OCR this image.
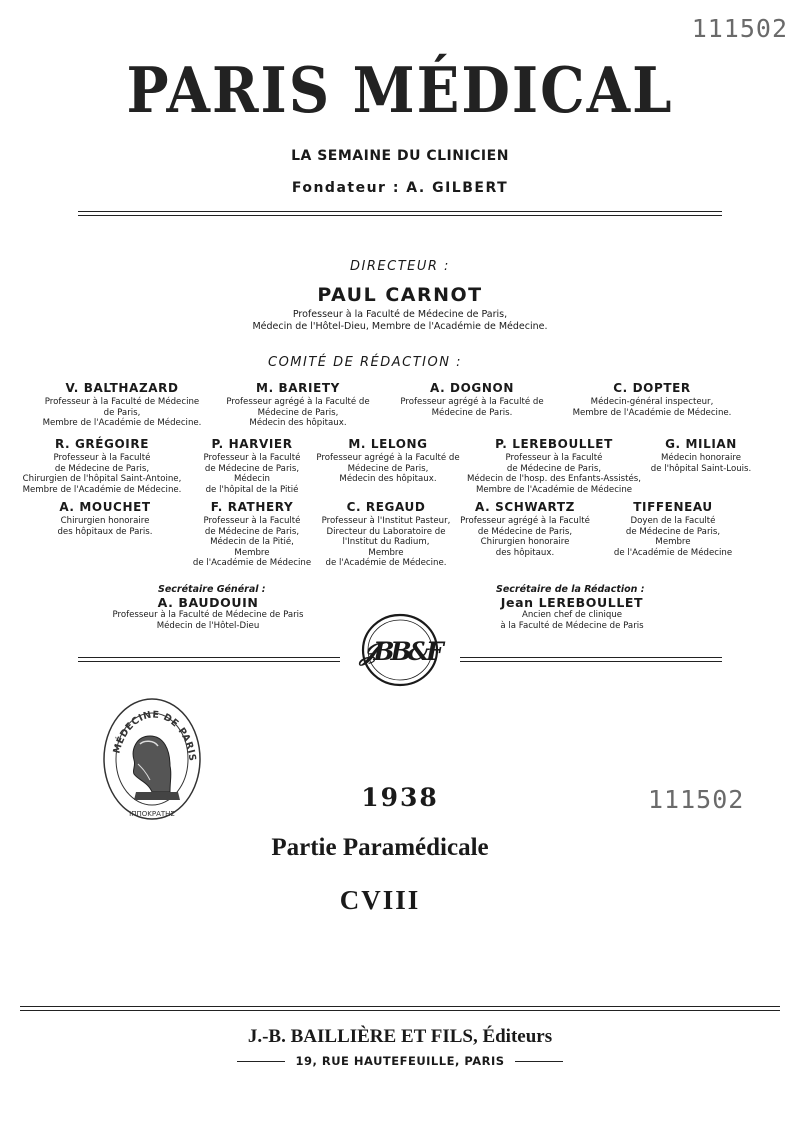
111502
PARIS MÉDICAL
LA SEMAINE DU CLINICIEN
Fondateur : A. GILBERT
DIRECTEUR :
PAUL CARNOT
Professeur à la Faculté de Médecine de Paris,
Médecin de l'Hôtel-Dieu, Membre de l'Académie de Médecine.
COMITÉ DE RÉDACTION :
V. BALTHAZARD
Professeur à la Faculté de Médecine
de Paris,
Membre de l'Académie de Médecine.
M. BARIETY
Professeur agrégé à la Faculté de
Médecine de Paris,
Médecin des hôpitaux.
A. DOGNON
Professeur agrégé à la Faculté de
Médecine de Paris.
C. DOPTER
Médecin-général inspecteur,
Membre de l'Académie de Médecine.
R. GRÉGOIRE
Professeur à la Faculté
de Médecine de Paris,
Chirurgien de l'hôpital Saint-Antoine,
Membre de l'Académie de Médecine.
P. HARVIER
Professeur à la Faculté
de Médecine de Paris,
Médecin
de l'hôpital de la Pitié
M. LELONG
Professeur agrégé à la Faculté de
Médecine de Paris,
Médecin des hôpitaux.
P. LEREBOULLET
Professeur à la Faculté
de Médecine de Paris,
Médecin de l'hosp. des Enfants-Assistés,
Membre de l'Académie de Médecine
G. MILIAN
Médecin honoraire
de l'hôpital Saint-Louis.
A. MOUCHET
Chirurgien honoraire
des hôpitaux de Paris.
F. RATHERY
Professeur à la Faculté
de Médecine de Paris,
Médecin de la Pitié,
Membre
de l'Académie de Médecine
C. REGAUD
Professeur à l'Institut Pasteur,
Directeur du Laboratoire de
l'Institut du Radium,
Membre
de l'Académie de Médecine.
A. SCHWARTZ
Professeur agrégé à la Faculté
de Médecine de Paris,
Chirurgien honoraire
des hôpitaux.
TIFFENEAU
Doyen de la Faculté
de Médecine de Paris,
Membre
de l'Académie de Médecine
Secrétaire Général :
A. BAUDOUIN
Professeur à la Faculté de Médecine de Paris
Médecin de l'Hôtel-Dieu
Secrétaire de la Rédaction :
Jean LEREBOULLET
Ancien chef de clinique
à la Faculté de Médecine de Paris
𝒥BB&F
MÉDECINE DE PARIS
ΙΠΠΟΚΡΑΤΗΣ	111502
1938
Partie Paramédicale
CVIII
J.-B. BAILLIÈRE ET FILS, Éditeurs
19, RUE HAUTEFEUILLE, PARIS
